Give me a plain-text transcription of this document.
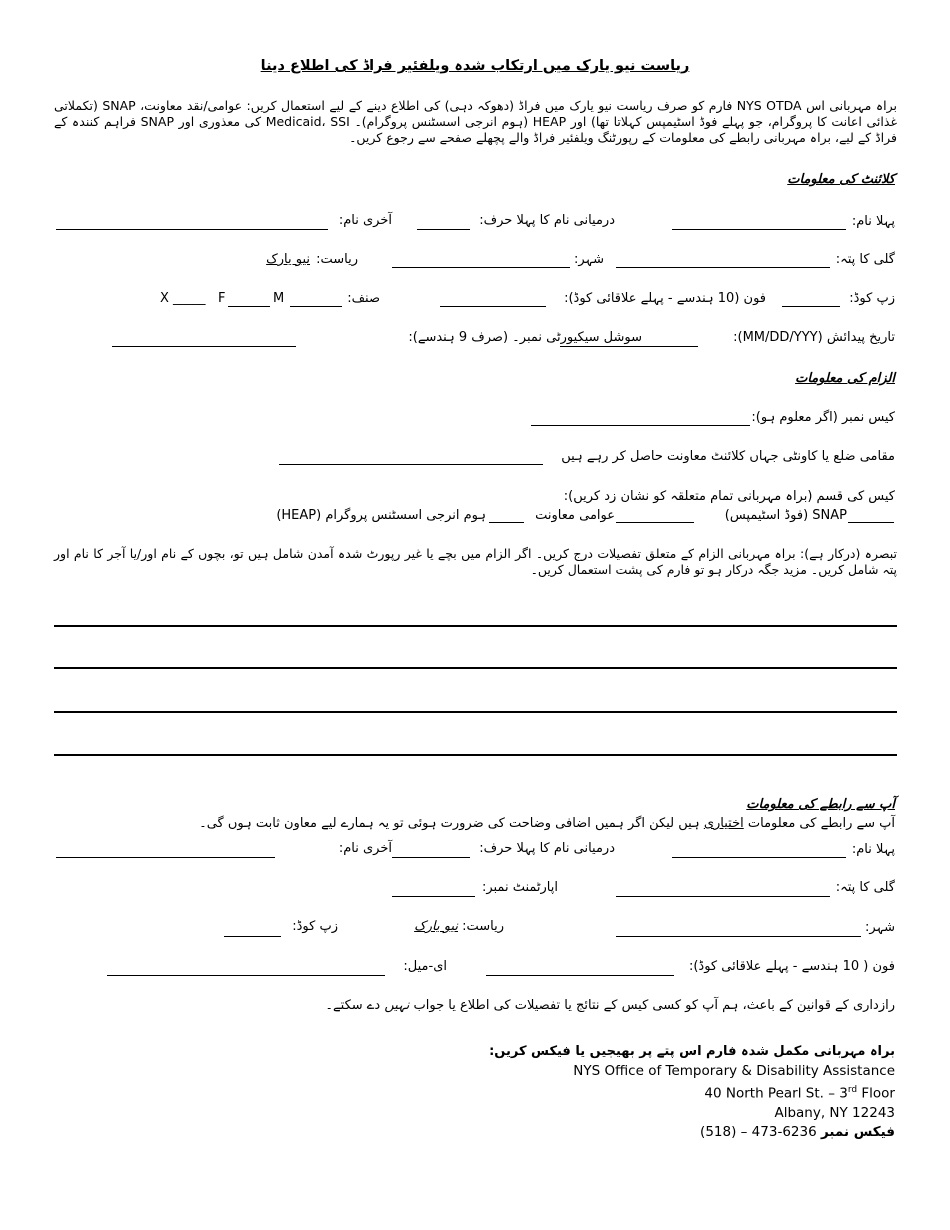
ریاست نیو یارک میں ارتکاب شدہ ویلفئیر فراڈ کی اطلاع دینا
براہ مہربانی اس NYS OTDA فارم کو صرف ریاست نیو یارک میں فراڈ (دھوکہ دہی) کی اطلاع دینے کے لیے استعمال کریں: عوامی/نقد معاونت، SNAP (تکملاتی غذائی اعانت کا پروگرام، جو پہلے فوڈ اسٹیمپس کہلاتا تھا) اور HEAP (ہوم انرجی اسسٹنس پروگرام)۔ Medicaid، SSI کی معذوری اور SNAP فراہم کنندہ کے فراڈ کے لیے، براہ مہربانی رابطے کی معلومات کے رپورٹنگ ویلفئیر فراڈ والے پچھلے صفحے سے رجوع کریں۔
کلائنٹ کی معلومات
پہلا نام:
درمیانی نام کا پہلا حرف:
آخری نام:
گلی کا پتہ:
شہر:
ریاست:
نیو یارک
زپ کوڈ:
فون (10 ہندسے - پہلے علاقائی کوڈ):
صنف:
M
F
X _____
تاریخ پیدائش (MM/DD/YYY):
سوشل سیکیورٹی نمبر۔ (صرف 9 ہندسے):
الزام کی معلومات
کیس نمبر (اگر معلوم ہو):
مقامی ضلع یا کاونٹی جہاں کلائنٹ معاونت حاصل کر رہے ہیں
کیس کی قسم (براہ مہربانی تمام متعلقہ کو نشان زد کریں):
SNAP (فوڈ اسٹیمپس)
عوامی معاونت
ہوم انرجی اسسٹنس پروگرام (HEAP)
تبصرہ (درکار ہے): براہ مہربانی الزام کے متعلق تفصیلات درج کریں۔ اگر الزام میں بچے یا غیر رپورٹ شدہ آمدن شامل ہیں تو، بچوں کے نام اور/یا آجر کا نام اور پتہ شامل کریں۔ مزید جگہ درکار ہو تو فارم کی پشت استعمال کریں۔
آپ سے رابطے کی معلومات
آپ سے رابطے کی معلومات اختیاری ہیں لیکن اگر ہمیں اضافی وضاحت کی ضرورت ہوئی تو یہ ہمارے لیے معاون ثابت ہوں گی۔
پہلا نام:
درمیانی نام کا پہلا حرف:
آخری نام:
گلی کا پتہ:
اپارٹمنٹ نمبر:
شہر:
ریاست:
نیو یارک
زپ کوڈ:
فون ( 10 ہندسے - پہلے علاقائی کوڈ):
ای-میل:
رازداری کے قوانین کے باعث، ہم آپ کو کسی کیس کے نتائج یا تفصیلات کی اطلاع یا جواب نہیں دے سکتے۔
براہ مہربانی مکمل شدہ فارم اس پتے پر بھیجیں یا فیکس کریں:
NYS Office of Temporary & Disability Assistance
40 North Pearl St. – 3rd Floor
Albany, NY 12243
(518) – 473-6236 فیکس نمبر
